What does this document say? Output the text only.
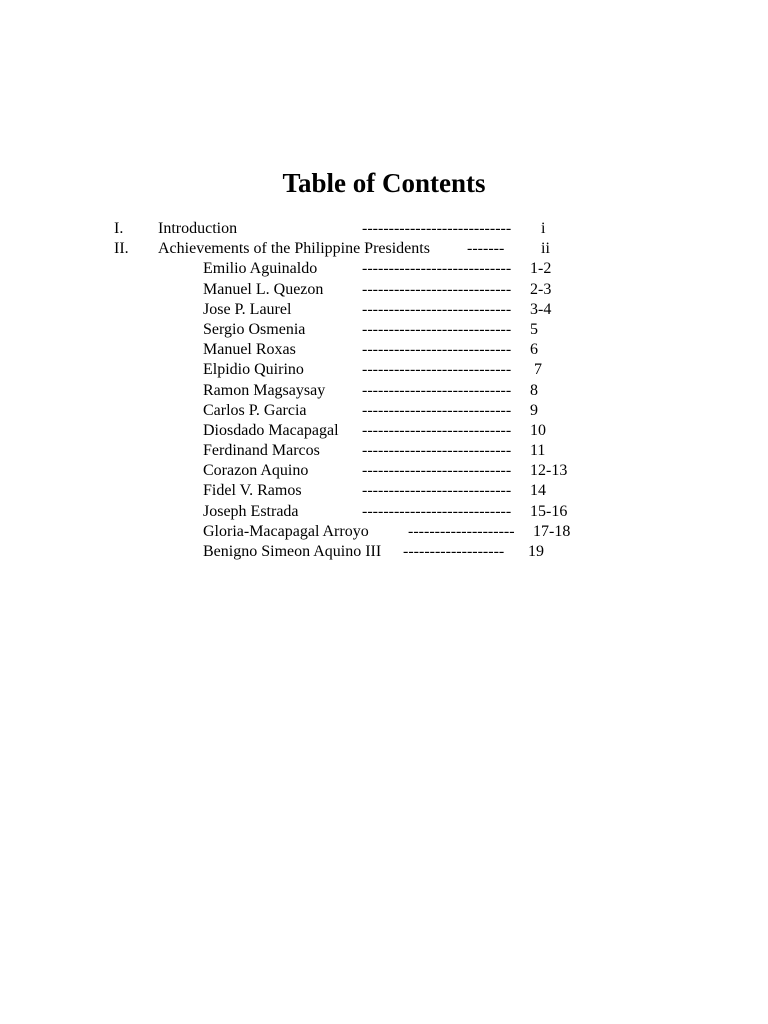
Table of Contents
I. Introduction	---------------------------- i
II. Achievements of the Philippine Presidents ------- ii
Emilio Aguinaldo	---------------------------- 1-2
Manuel L. Quezon ---------------------------- 2-3
Jose P. Laurel	---------------------------- 3-4
Sergio Osmenia	---------------------------- 5
Manuel Roxas	---------------------------- 6
Elpidio Quirino	---------------------------- 7
Ramon Magsaysay ---------------------------- 8
Carlos P. Garcia	---------------------------- 9
Diosdado Macapagal ---------------------------- 10
Ferdinand Marcos	---------------------------- 11
Corazon Aquino	---------------------------- 12-13
Fidel V. Ramos	---------------------------- 14
Joseph Estrada	---------------------------- 15-16
Gloria-Macapagal Arroyo -------------------- 17-18
Benigno Simeon Aquino III ------------------- 19
